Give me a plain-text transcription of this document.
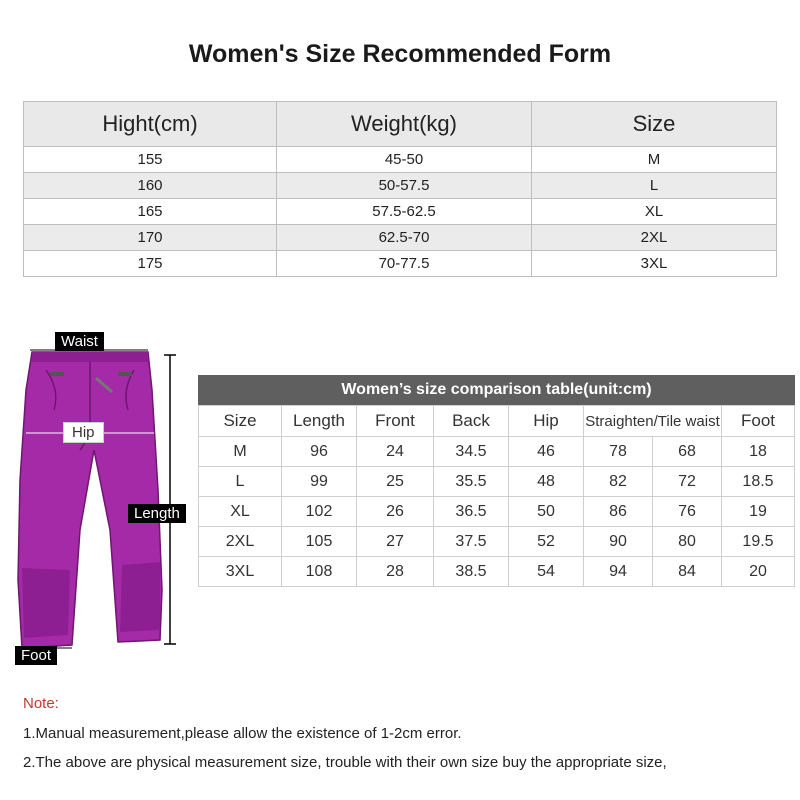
Women's Size Recommended Form
Hight(cm)	Weight(kg)	Size
155	45-50	M
160	50-57.5	L
165	57.5-62.5	XL
170	62.5-70	2XL
175	70-77.5	3XL
Waist
Hip
Length
Foot
Women’s size comparison table(unit:cm)
Size	Length	Front	Back	Hip	Straighten/Tile waist		Foot
M	96	24	34.5	46	78	68	18
L	99	25	35.5	48	82	72	18.5
XL	102	26	36.5	50	86	76	19
2XL	105	27	37.5	52	90	80	19.5
3XL	108	28	38.5	54	94	84	20
Note:
1.Manual measurement,please allow the existence of 1-2cm error.
2.The above are physical measurement size, trouble with their own size buy the appropriate size,
